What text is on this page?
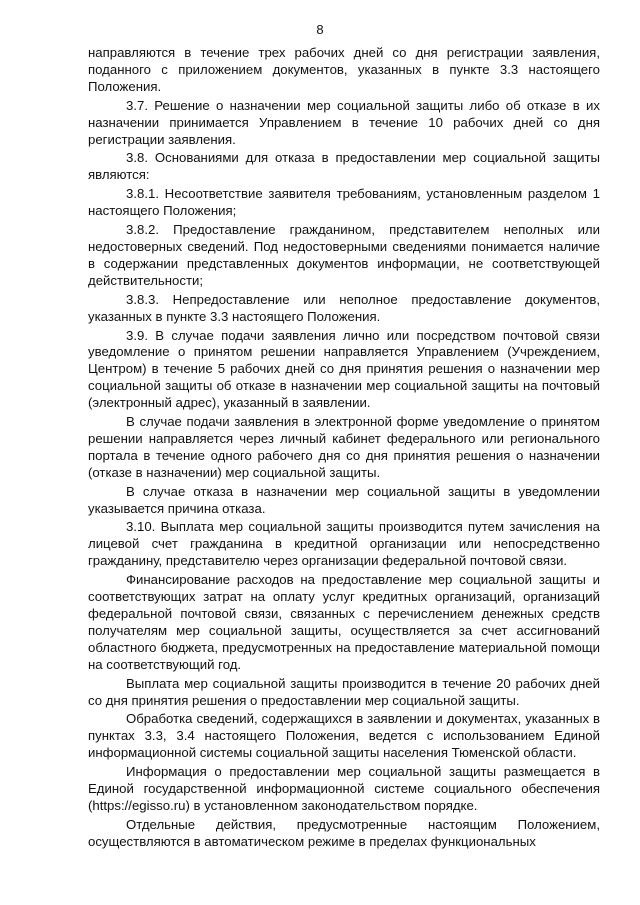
8

направляются в течение трех рабочих дней со дня регистрации заявления, поданного с приложением документов, указанных в пункте 3.3 настоящего Положения.

3.7. Решение о назначении мер социальной защиты либо об отказе в их назначении принимается Управлением в течение 10 рабочих дней со дня регистрации заявления.

3.8. Основаниями для отказа в предоставлении мер социальной защиты являются:

3.8.1. Несоответствие заявителя требованиям, установленным разделом 1 настоящего Положения;

3.8.2. Предоставление гражданином, представителем неполных или недостоверных сведений. Под недостоверными сведениями понимается наличие в содержании представленных документов информации, не соответствующей действительности;

3.8.3. Непредоставление или неполное предоставление документов, указанных в пункте 3.3 настоящего Положения.

3.9. В случае подачи заявления лично или посредством почтовой связи уведомление о принятом решении направляется Управлением (Учреждением, Центром) в течение 5 рабочих дней со дня принятия решения о назначении мер социальной защиты об отказе в назначении мер социальной защиты на почтовый (электронный адрес), указанный в заявлении.

В случае подачи заявления в электронной форме уведомление о принятом решении направляется через личный кабинет федерального или регионального портала в течение одного рабочего дня со дня принятия решения о назначении (отказе в назначении) мер социальной защиты.

В случае отказа в назначении мер социальной защиты в уведомлении указывается причина отказа.

3.10. Выплата мер социальной защиты производится путем зачисления на лицевой счет гражданина в кредитной организации или непосредственно гражданину, представителю через организации федеральной почтовой связи.

Финансирование расходов на предоставление мер социальной защиты и соответствующих затрат на оплату услуг кредитных организаций, организаций федеральной почтовой связи, связанных с перечислением денежных средств получателям мер социальной защиты, осуществляется за счет ассигнований областного бюджета, предусмотренных на предоставление материальной помощи на соответствующий год.

Выплата мер социальной защиты производится в течение 20 рабочих дней со дня принятия решения о предоставлении мер социальной защиты.

Обработка сведений, содержащихся в заявлении и документах, указанных в пунктах 3.3, 3.4 настоящего Положения, ведется с использованием Единой информационной системы социальной защиты населения Тюменской области.

Информация о предоставлении мер социальной защиты размещается в Единой государственной информационной системе социального обеспечения (https://egisso.ru) в установленном законодательством порядке.

Отдельные действия, предусмотренные настоящим Положением, осуществляются в автоматическом режиме в пределах функциональных
